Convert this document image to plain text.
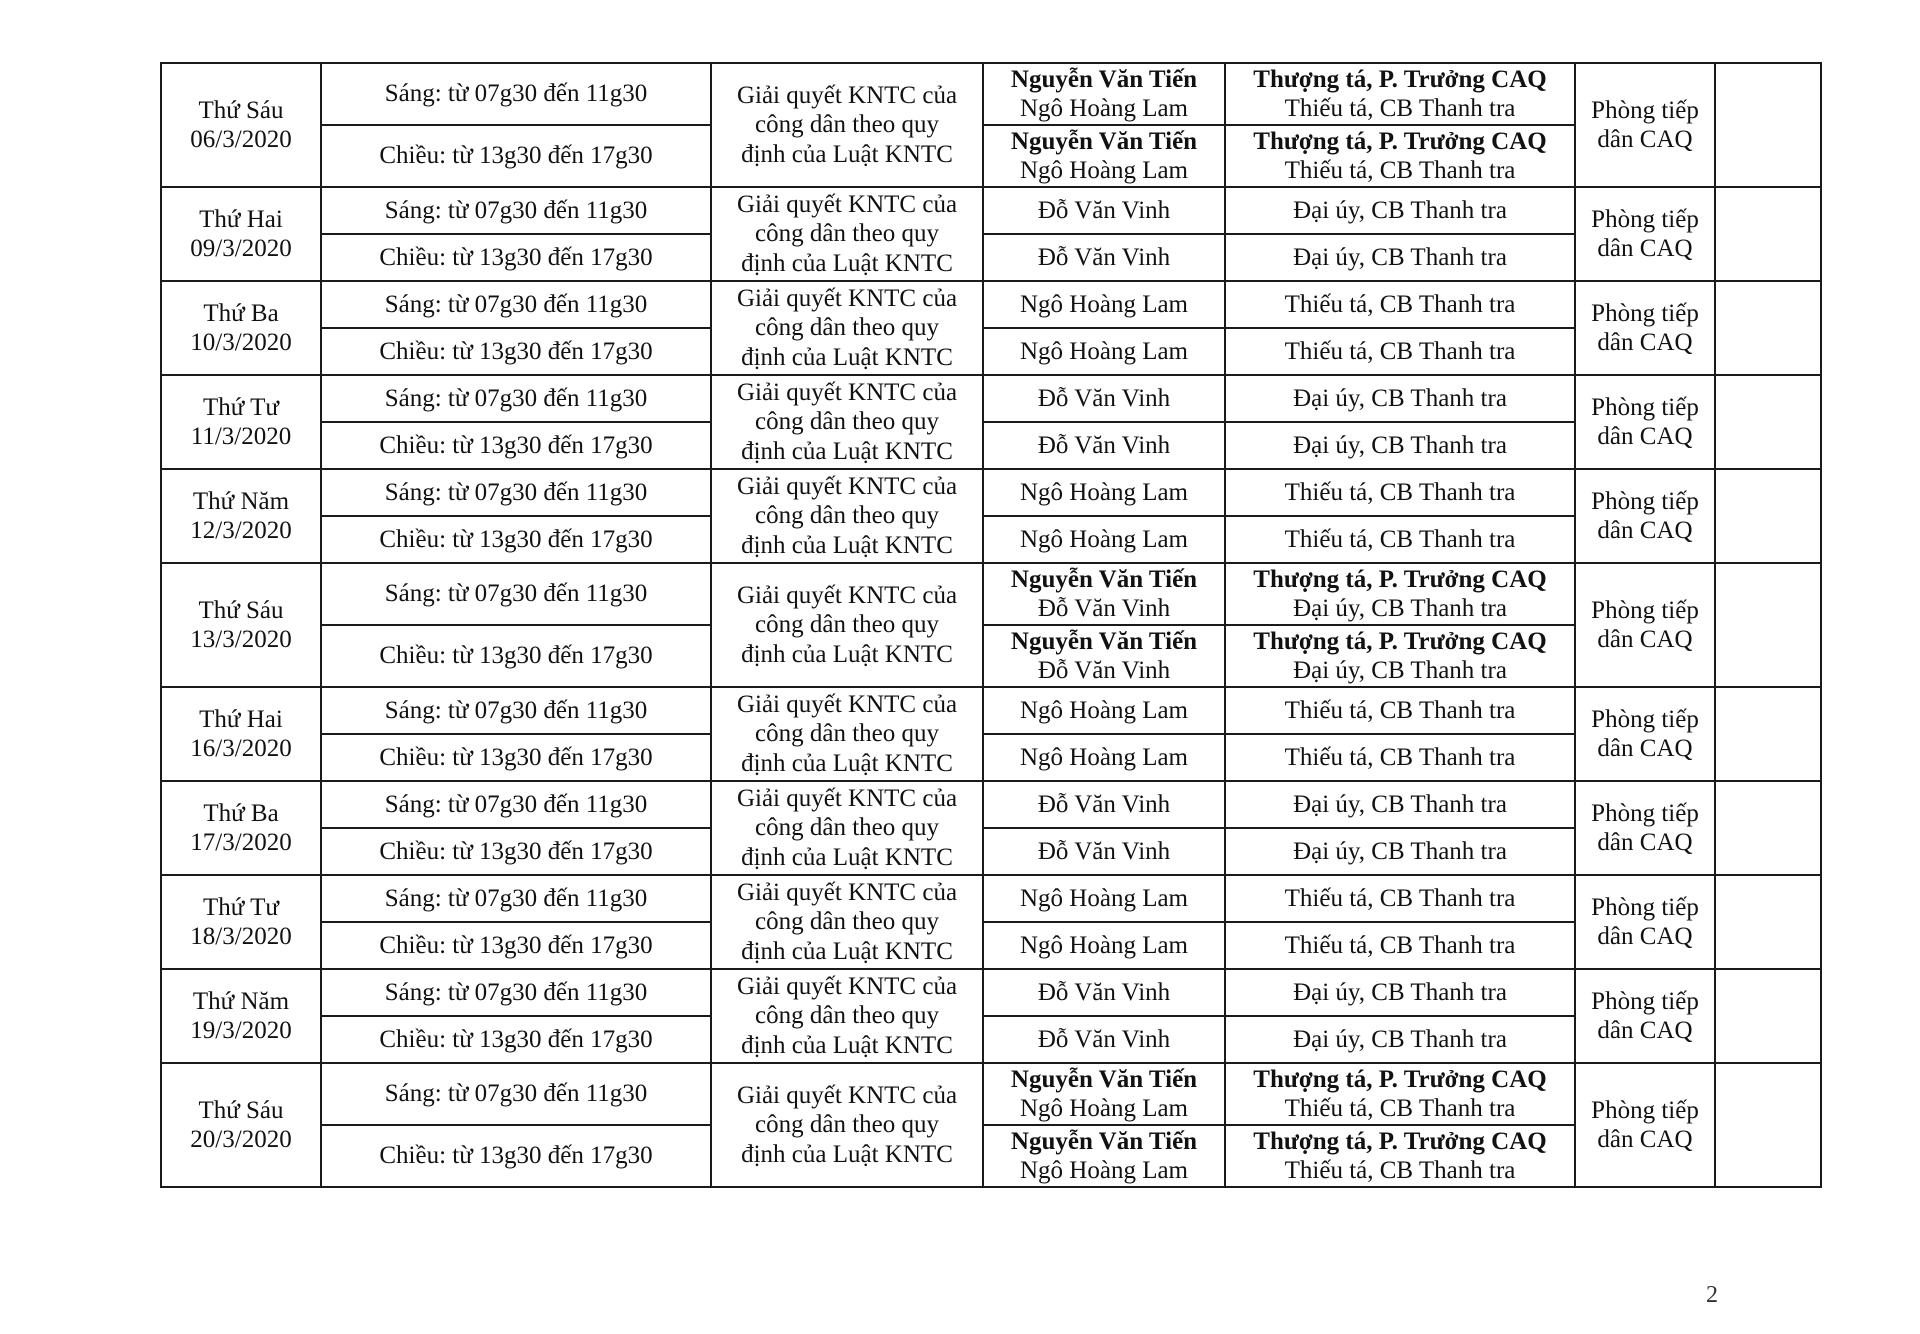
Thứ Sáu
06/3/2020	Sáng: từ 07g30 đến 11g30	Giải quyết KNTC của
công dân theo quy
định của Luật KNTC	Nguyễn Văn Tiến
Ngô Hoàng Lam	Thượng tá, P. Trưởng CAQ
Thiếu tá, CB Thanh tra	Phòng tiếp
dân CAQ	

	Chiều: từ 13g30 đến 17g30		Nguyễn Văn Tiến
Ngô Hoàng Lam	Thượng tá, P. Trưởng CAQ
Thiếu tá, CB Thanh tra		

Thứ Hai
09/3/2020	Sáng: từ 07g30 đến 11g30	Giải quyết KNTC của
công dân theo quy
định của Luật KNTC	Đỗ Văn Vinh	Đại úy, CB Thanh tra	Phòng tiếp
dân CAQ	

	Chiều: từ 13g30 đến 17g30		Đỗ Văn Vinh	Đại úy, CB Thanh tra		

Thứ Ba
10/3/2020	Sáng: từ 07g30 đến 11g30	Giải quyết KNTC của
công dân theo quy
định của Luật KNTC	Ngô Hoàng Lam	Thiếu tá, CB Thanh tra	Phòng tiếp
dân CAQ	

	Chiều: từ 13g30 đến 17g30		Ngô Hoàng Lam	Thiếu tá, CB Thanh tra		

Thứ Tư
11/3/2020	Sáng: từ 07g30 đến 11g30	Giải quyết KNTC của
công dân theo quy
định của Luật KNTC	Đỗ Văn Vinh	Đại úy, CB Thanh tra	Phòng tiếp
dân CAQ	

	Chiều: từ 13g30 đến 17g30		Đỗ Văn Vinh	Đại úy, CB Thanh tra		

Thứ Năm
12/3/2020	Sáng: từ 07g30 đến 11g30	Giải quyết KNTC của
công dân theo quy
định của Luật KNTC	Ngô Hoàng Lam	Thiếu tá, CB Thanh tra	Phòng tiếp
dân CAQ	

	Chiều: từ 13g30 đến 17g30		Ngô Hoàng Lam	Thiếu tá, CB Thanh tra		

Thứ Sáu
13/3/2020	Sáng: từ 07g30 đến 11g30	Giải quyết KNTC của
công dân theo quy
định của Luật KNTC	Nguyễn Văn Tiến
Đỗ Văn Vinh	Thượng tá, P. Trưởng CAQ
Đại úy, CB Thanh tra	Phòng tiếp
dân CAQ	

	Chiều: từ 13g30 đến 17g30		Nguyễn Văn Tiến
Đỗ Văn Vinh	Thượng tá, P. Trưởng CAQ
Đại úy, CB Thanh tra		

Thứ Hai
16/3/2020	Sáng: từ 07g30 đến 11g30	Giải quyết KNTC của
công dân theo quy
định của Luật KNTC	Ngô Hoàng Lam	Thiếu tá, CB Thanh tra	Phòng tiếp
dân CAQ	

	Chiều: từ 13g30 đến 17g30		Ngô Hoàng Lam	Thiếu tá, CB Thanh tra		

Thứ Ba
17/3/2020	Sáng: từ 07g30 đến 11g30	Giải quyết KNTC của
công dân theo quy
định của Luật KNTC	Đỗ Văn Vinh	Đại úy, CB Thanh tra	Phòng tiếp
dân CAQ	

	Chiều: từ 13g30 đến 17g30		Đỗ Văn Vinh	Đại úy, CB Thanh tra		

Thứ Tư
18/3/2020	Sáng: từ 07g30 đến 11g30	Giải quyết KNTC của
công dân theo quy
định của Luật KNTC	Ngô Hoàng Lam	Thiếu tá, CB Thanh tra	Phòng tiếp
dân CAQ	

	Chiều: từ 13g30 đến 17g30		Ngô Hoàng Lam	Thiếu tá, CB Thanh tra		

Thứ Năm
19/3/2020	Sáng: từ 07g30 đến 11g30	Giải quyết KNTC của
công dân theo quy
định của Luật KNTC	Đỗ Văn Vinh	Đại úy, CB Thanh tra	Phòng tiếp
dân CAQ	

	Chiều: từ 13g30 đến 17g30		Đỗ Văn Vinh	Đại úy, CB Thanh tra		

Thứ Sáu
20/3/2020	Sáng: từ 07g30 đến 11g30	Giải quyết KNTC của
công dân theo quy
định của Luật KNTC	Nguyễn Văn Tiến
Ngô Hoàng Lam	Thượng tá, P. Trưởng CAQ
Thiếu tá, CB Thanh tra	Phòng tiếp
dân CAQ	

	Chiều: từ 13g30 đến 17g30		Nguyễn Văn Tiến
Ngô Hoàng Lam	Thượng tá, P. Trưởng CAQ
Thiếu tá, CB Thanh tra		
2
